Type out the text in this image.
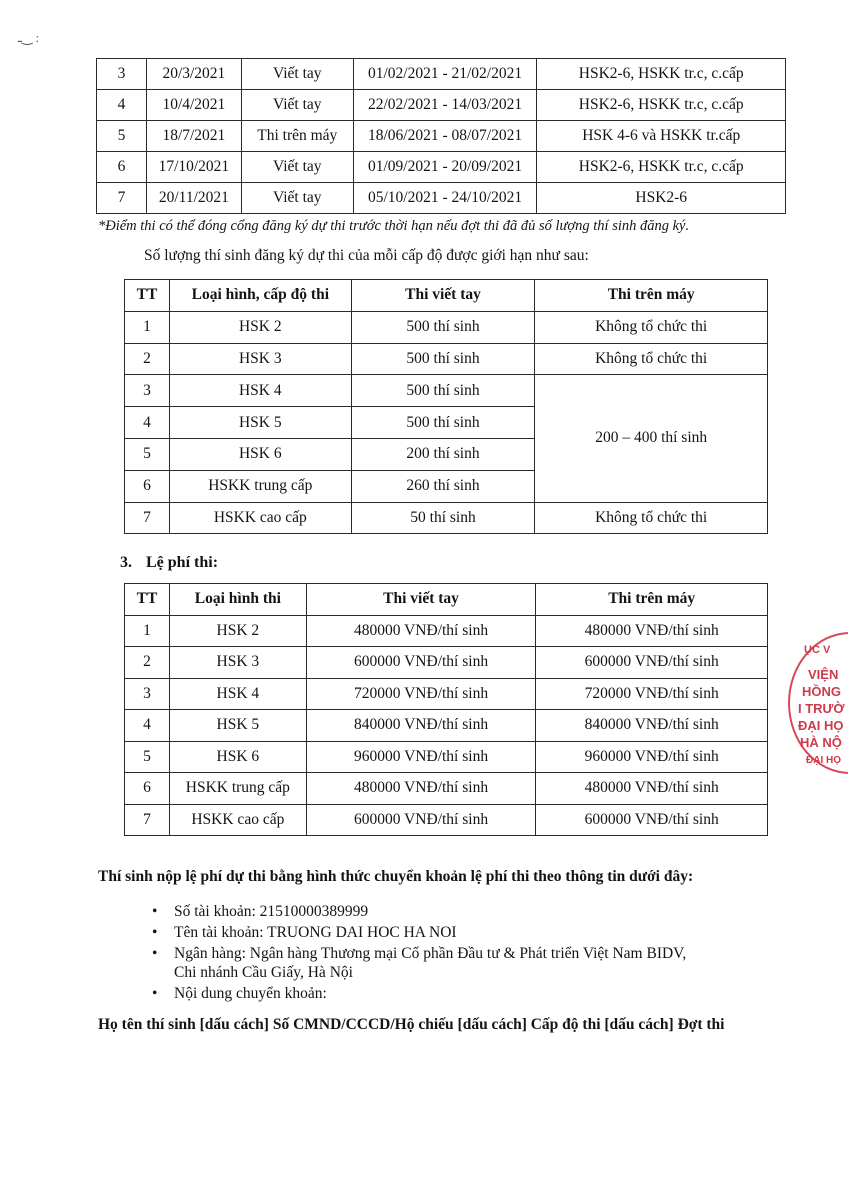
ـ‿ :
3	20/3/2021	Viết tay	01/02/2021 - 21/02/2021	HSK2-6, HSKK tr.c, c.cấp
4	10/4/2021	Viết tay	22/02/2021 - 14/03/2021	HSK2-6, HSKK tr.c, c.cấp
5	18/7/2021	Thi trên máy	18/06/2021 - 08/07/2021	HSK 4-6 và HSKK tr.cấp
6	17/10/2021	Viết tay	01/09/2021 - 20/09/2021	HSK2-6, HSKK tr.c, c.cấp
7	20/11/2021	Viết tay	05/10/2021 - 24/10/2021	HSK2-6
*Điểm thi có thể đóng cổng đăng ký dự thi trước thời hạn nếu đợt thi đã đủ số lượng thí sinh đăng ký.
Số lượng thí sinh đăng ký dự thi của mỗi cấp độ được giới hạn như sau:
TT	Loại hình, cấp độ thi	Thi viết tay	Thi trên máy
1	HSK 2	500 thí sinh	Không tổ chức thi
2	HSK 3	500 thí sinh	Không tổ chức thi
3	HSK 4	500 thí sinh	200 – 400 thí sinh
4	HSK 5	500 thí sinh	
5	HSK 6	200 thí sinh	
6	HSKK trung cấp	260 thí sinh	
7	HSKK cao cấp	50 thí sinh	Không tổ chức thi
3. Lệ phí thi:
TT	Loại hình thi	Thi viết tay	Thi trên máy
1	HSK 2	480000 VNĐ/thí sinh	480000 VNĐ/thí sinh
2	HSK 3	600000 VNĐ/thí sinh	600000 VNĐ/thí sinh
3	HSK 4	720000 VNĐ/thí sinh	720000 VNĐ/thí sinh
4	HSK 5	840000 VNĐ/thí sinh	840000 VNĐ/thí sinh
5	HSK 6	960000 VNĐ/thí sinh	960000 VNĐ/thí sinh
6	HSKK trung cấp	480000 VNĐ/thí sinh	480000 VNĐ/thí sinh
7	HSKK cao cấp	600000 VNĐ/thí sinh	600000 VNĐ/thí sinh
Thí sinh nộp lệ phí dự thi bằng hình thức chuyển khoản lệ phí thi theo thông tin dưới đây:
• Số tài khoản: 21510000389999
• Tên tài khoản: TRUONG DAI HOC HA NOI
• Ngân hàng: Ngân hàng Thương mại Cổ phần Đầu tư & Phát triển Việt Nam BIDV,
Chi nhánh Cầu Giấy, Hà Nội
• Nội dung chuyển khoản:
Họ tên thí sinh [dấu cách] Số CMND/CCCD/Hộ chiếu [dấu cách] Cấp độ thi [dấu cách] Đợt thi
ỤC V
VIỆN
HỒNG
I TRƯỜ
ĐẠI HỌ
HÀ NỘ
ĐẠI HỌ
